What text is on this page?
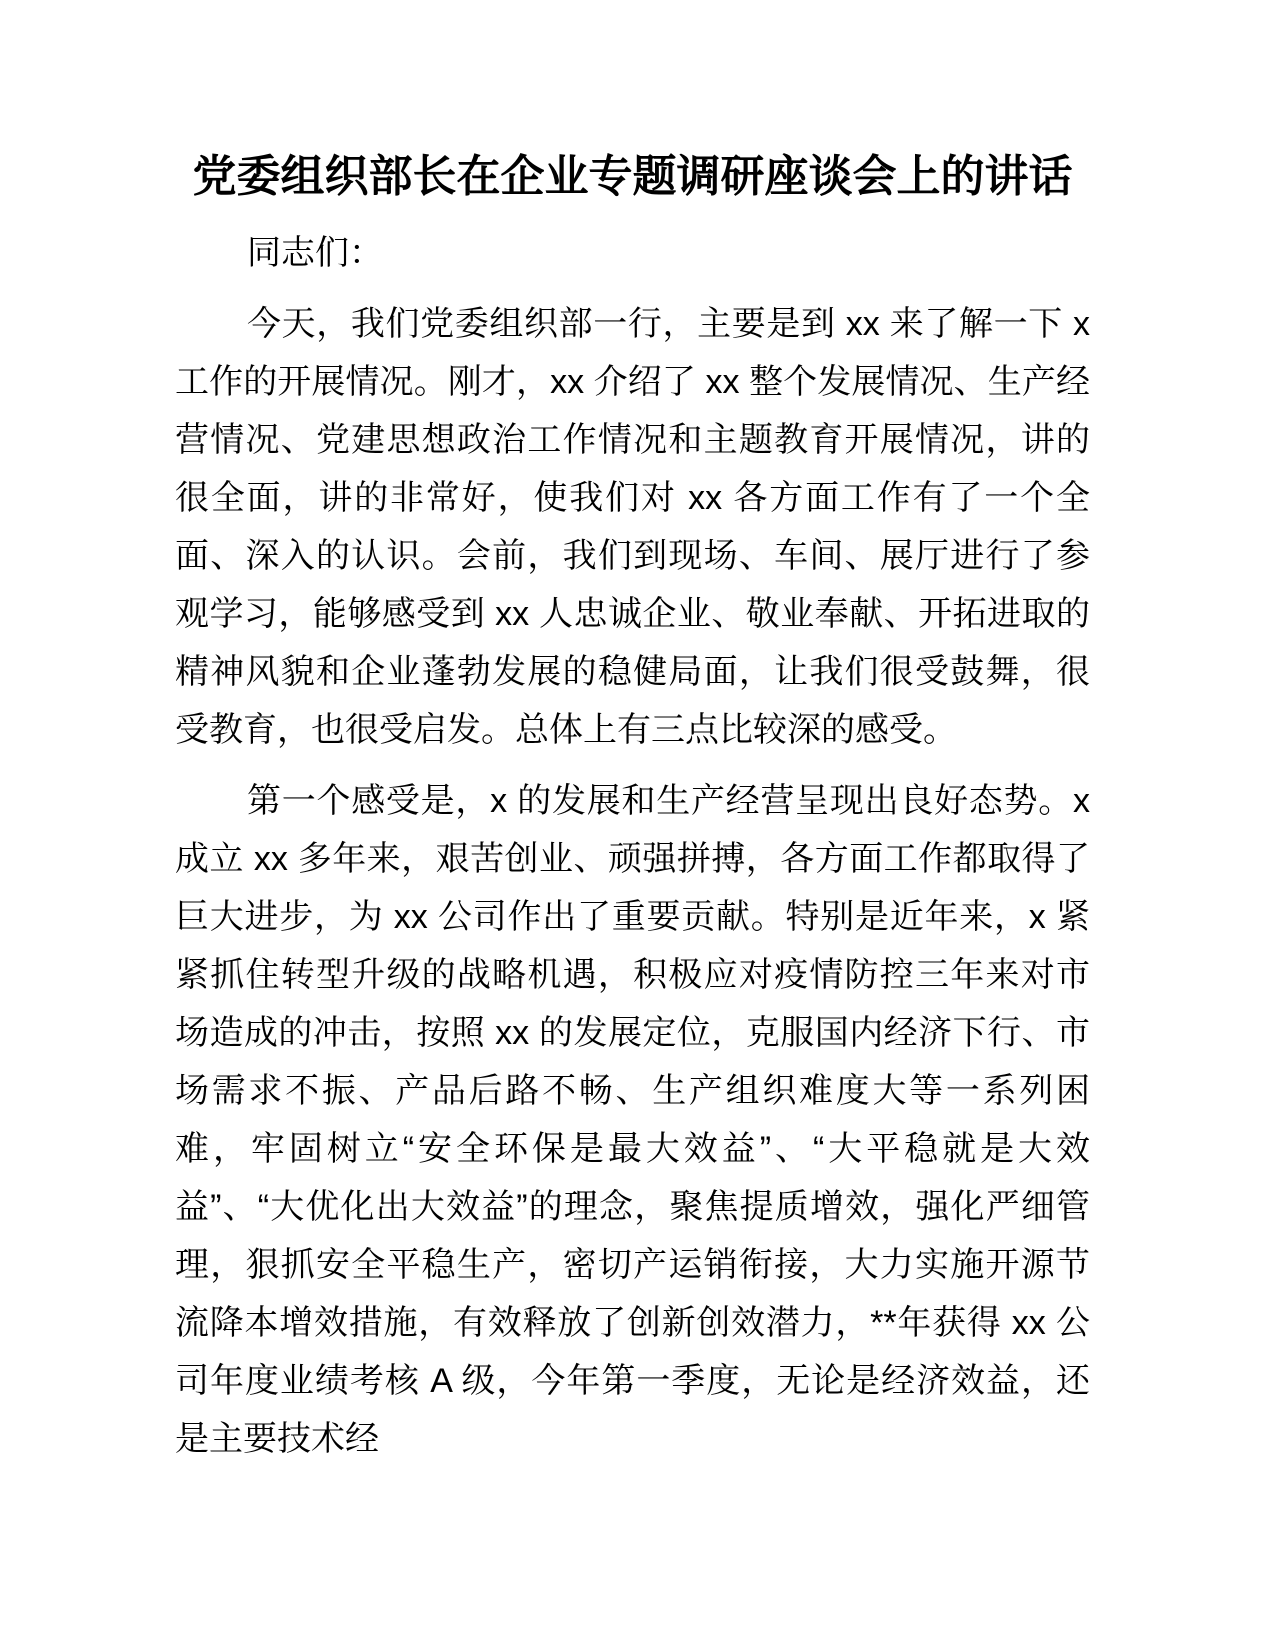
党委组织部长在企业专题调研座谈会上的讲话

同志们：

今天，我们党委组织部一行，主要是到 xx 来了解一下 x 工作的开展情况。刚才，xx 介绍了 xx 整个发展情况、生产经营情况、党建思想政治工作情况和主题教育开展情况，讲的很全面，讲的非常好，使我们对 xx 各方面工作有了一个全面、深入的认识。会前，我们到现场、车间、展厅进行了参观学习，能够感受到 xx 人忠诚企业、敬业奉献、开拓进取的精神风貌和企业蓬勃发展的稳健局面，让我们很受鼓舞，很受教育，也很受启发。总体上有三点比较深的感受。

第一个感受是，x 的发展和生产经营呈现出良好态势。x 成立 xx 多年来，艰苦创业、顽强拼搏，各方面工作都取得了巨大进步，为 xx 公司作出了重要贡献。特别是近年来，x 紧紧抓住转型升级的战略机遇，积极应对疫情防控三年来对市场造成的冲击，按照 xx 的发展定位，克服国内经济下行、市场需求不振、产品后路不畅、生产组织难度大等一系列困难，牢固树立“安全环保是最大效益”、“大平稳就是大效益”、“大优化出大效益”的理念，聚焦提质增效，强化严细管理，狠抓安全平稳生产，密切产运销衔接，大力实施开源节流降本增效措施，有效释放了创新创效潜力，**年获得 xx 公司年度业绩考核 A 级，今年第一季度，无论是经济效益，还是主要技术经
